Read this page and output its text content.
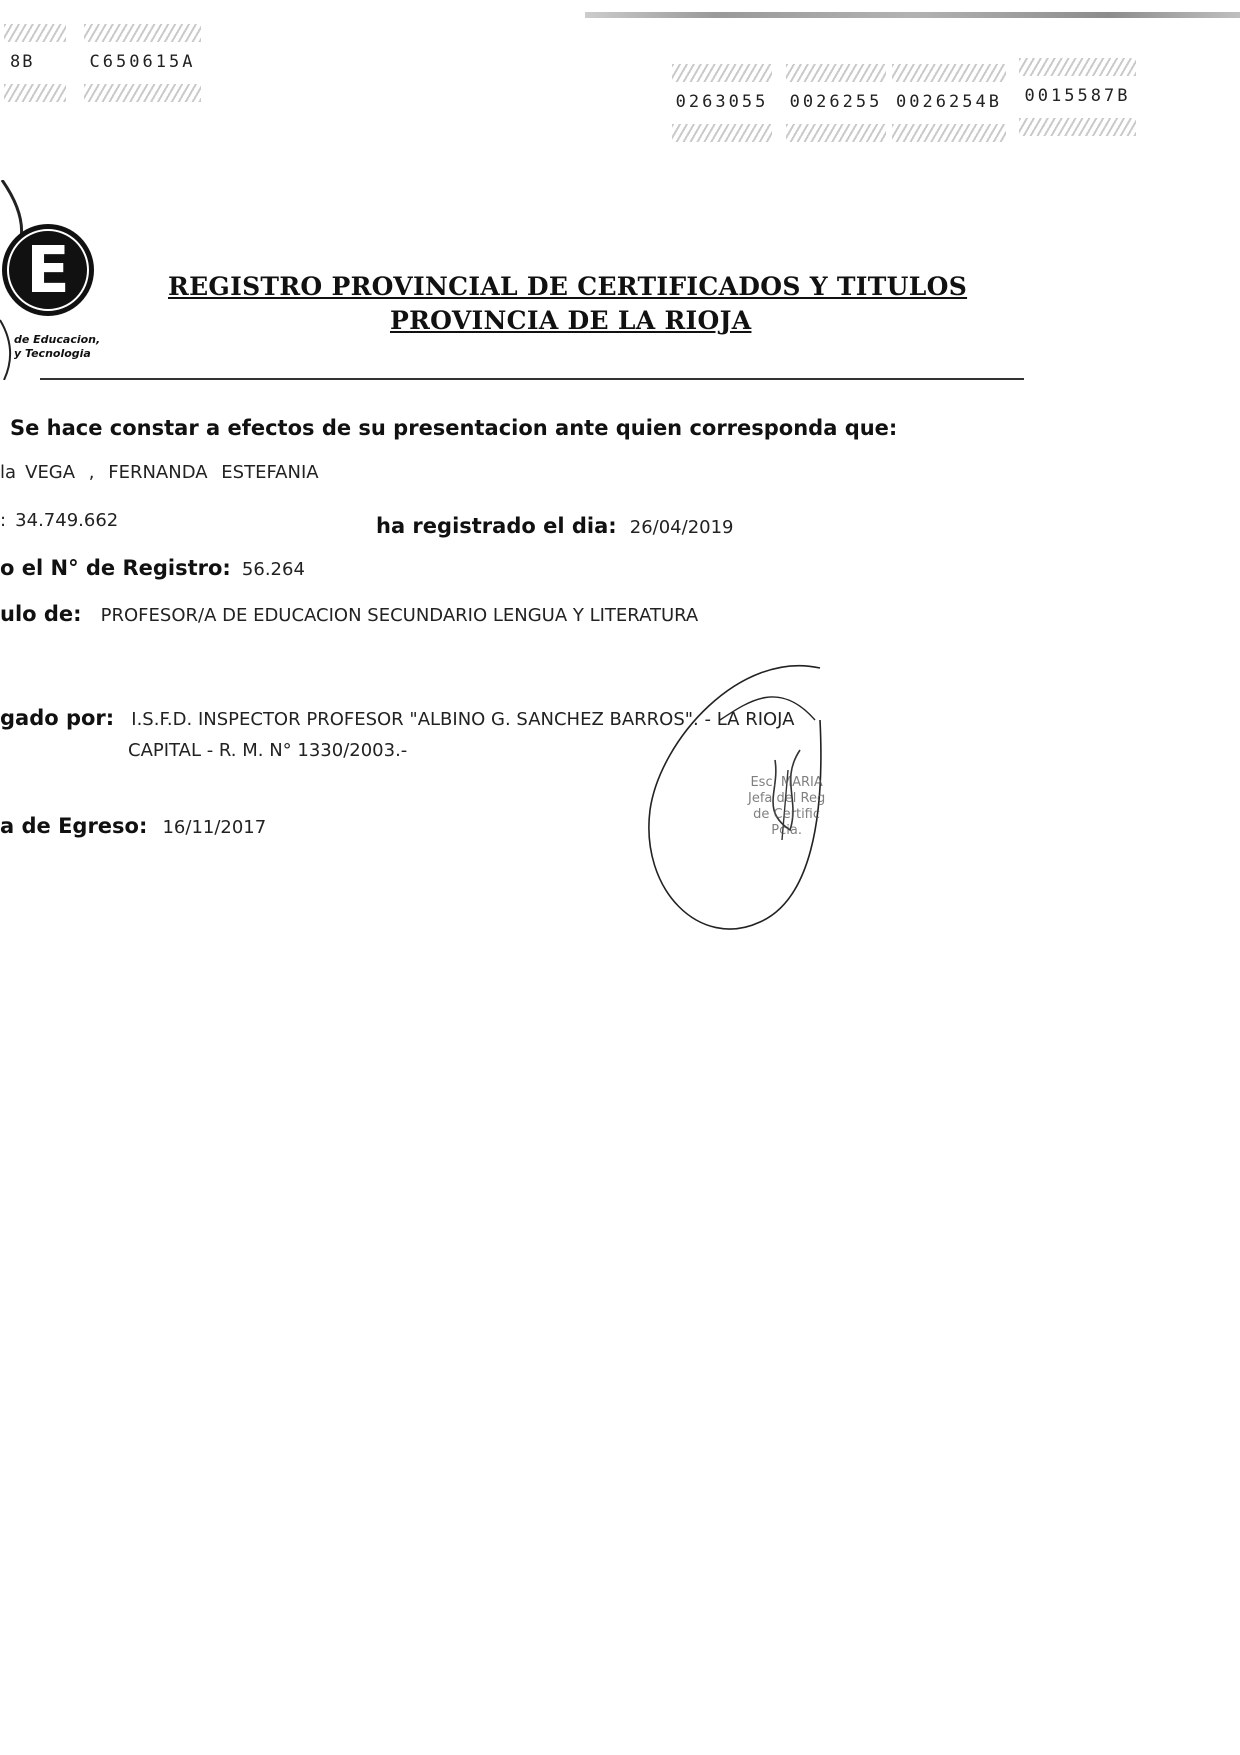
8B	C650615A
0263055	0026255 0026254B	0015587B
E
de Educacion,
y Tecnologia
REGISTRO PROVINCIAL DE CERTIFICADOS Y TITULOS
PROVINCIA DE LA RIOJA
Se hace constar a efectos de su presentacion ante quien corresponda que:
la VEGA , FERNANDA ESTEFANIA
: 34.749.662	ha registrado el dia: 26/04/2019
o el N° de Registro: 56.264
ulo de: PROFESOR/A DE EDUCACION SECUNDARIO LENGUA Y LITERATURA
gado por: I.S.F.D. INSPECTOR PROFESOR "ALBINO G. SANCHEZ BARROS". - LA RIOJA
CAPITAL - R. M. N° 1330/2003.-
a de Egreso: 16/11/2017
Esc. MARIA
Jefa del Reg
de Certific
Pcia.
